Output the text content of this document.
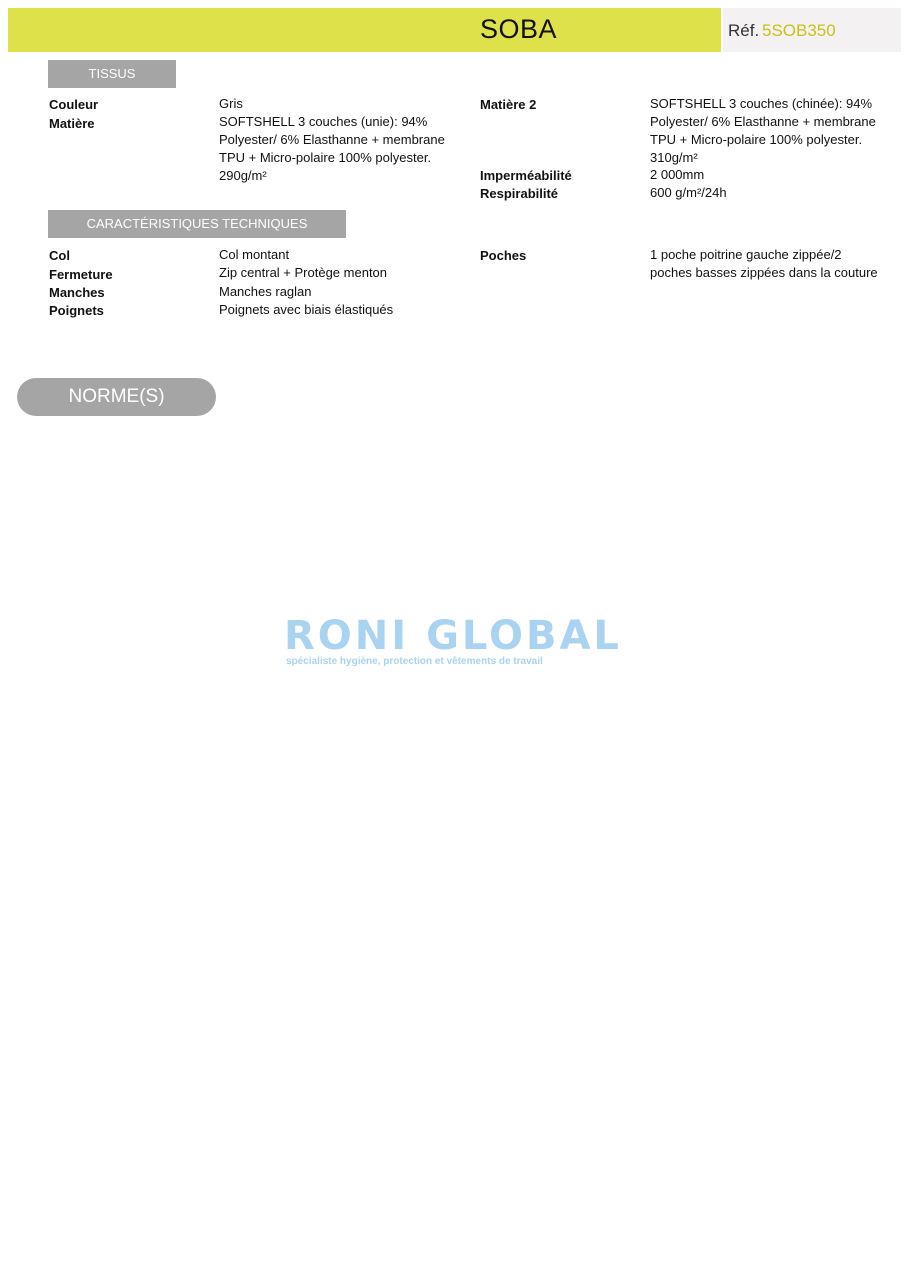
SOBA	Réf. 5SOB350
TISSUS
Couleur	Gris
Matière	SOFTSHELL 3 couches (unie): 94% Polyester/ 6% Elasthanne + membrane TPU + Micro-polaire 100% polyester. 290g/m²
Matière 2	SOFTSHELL 3 couches (chinée): 94% Polyester/ 6% Elasthanne + membrane TPU + Micro-polaire 100% polyester. 310g/m²
Imperméabilité	2 000mm
Respirabilité	600 g/m²/24h
CARACTÉRISTIQUES TECHNIQUES
Col	Col montant
Fermeture	Zip central + Protège menton
Manches	Manches raglan
Poignets	Poignets avec biais élastiqués
Poches	1 poche poitrine gauche zippée/2 poches basses zippées dans la couture
NORME(S)
RONI GLOBAL
spécialiste hygiène, protection et vêtements de travail
